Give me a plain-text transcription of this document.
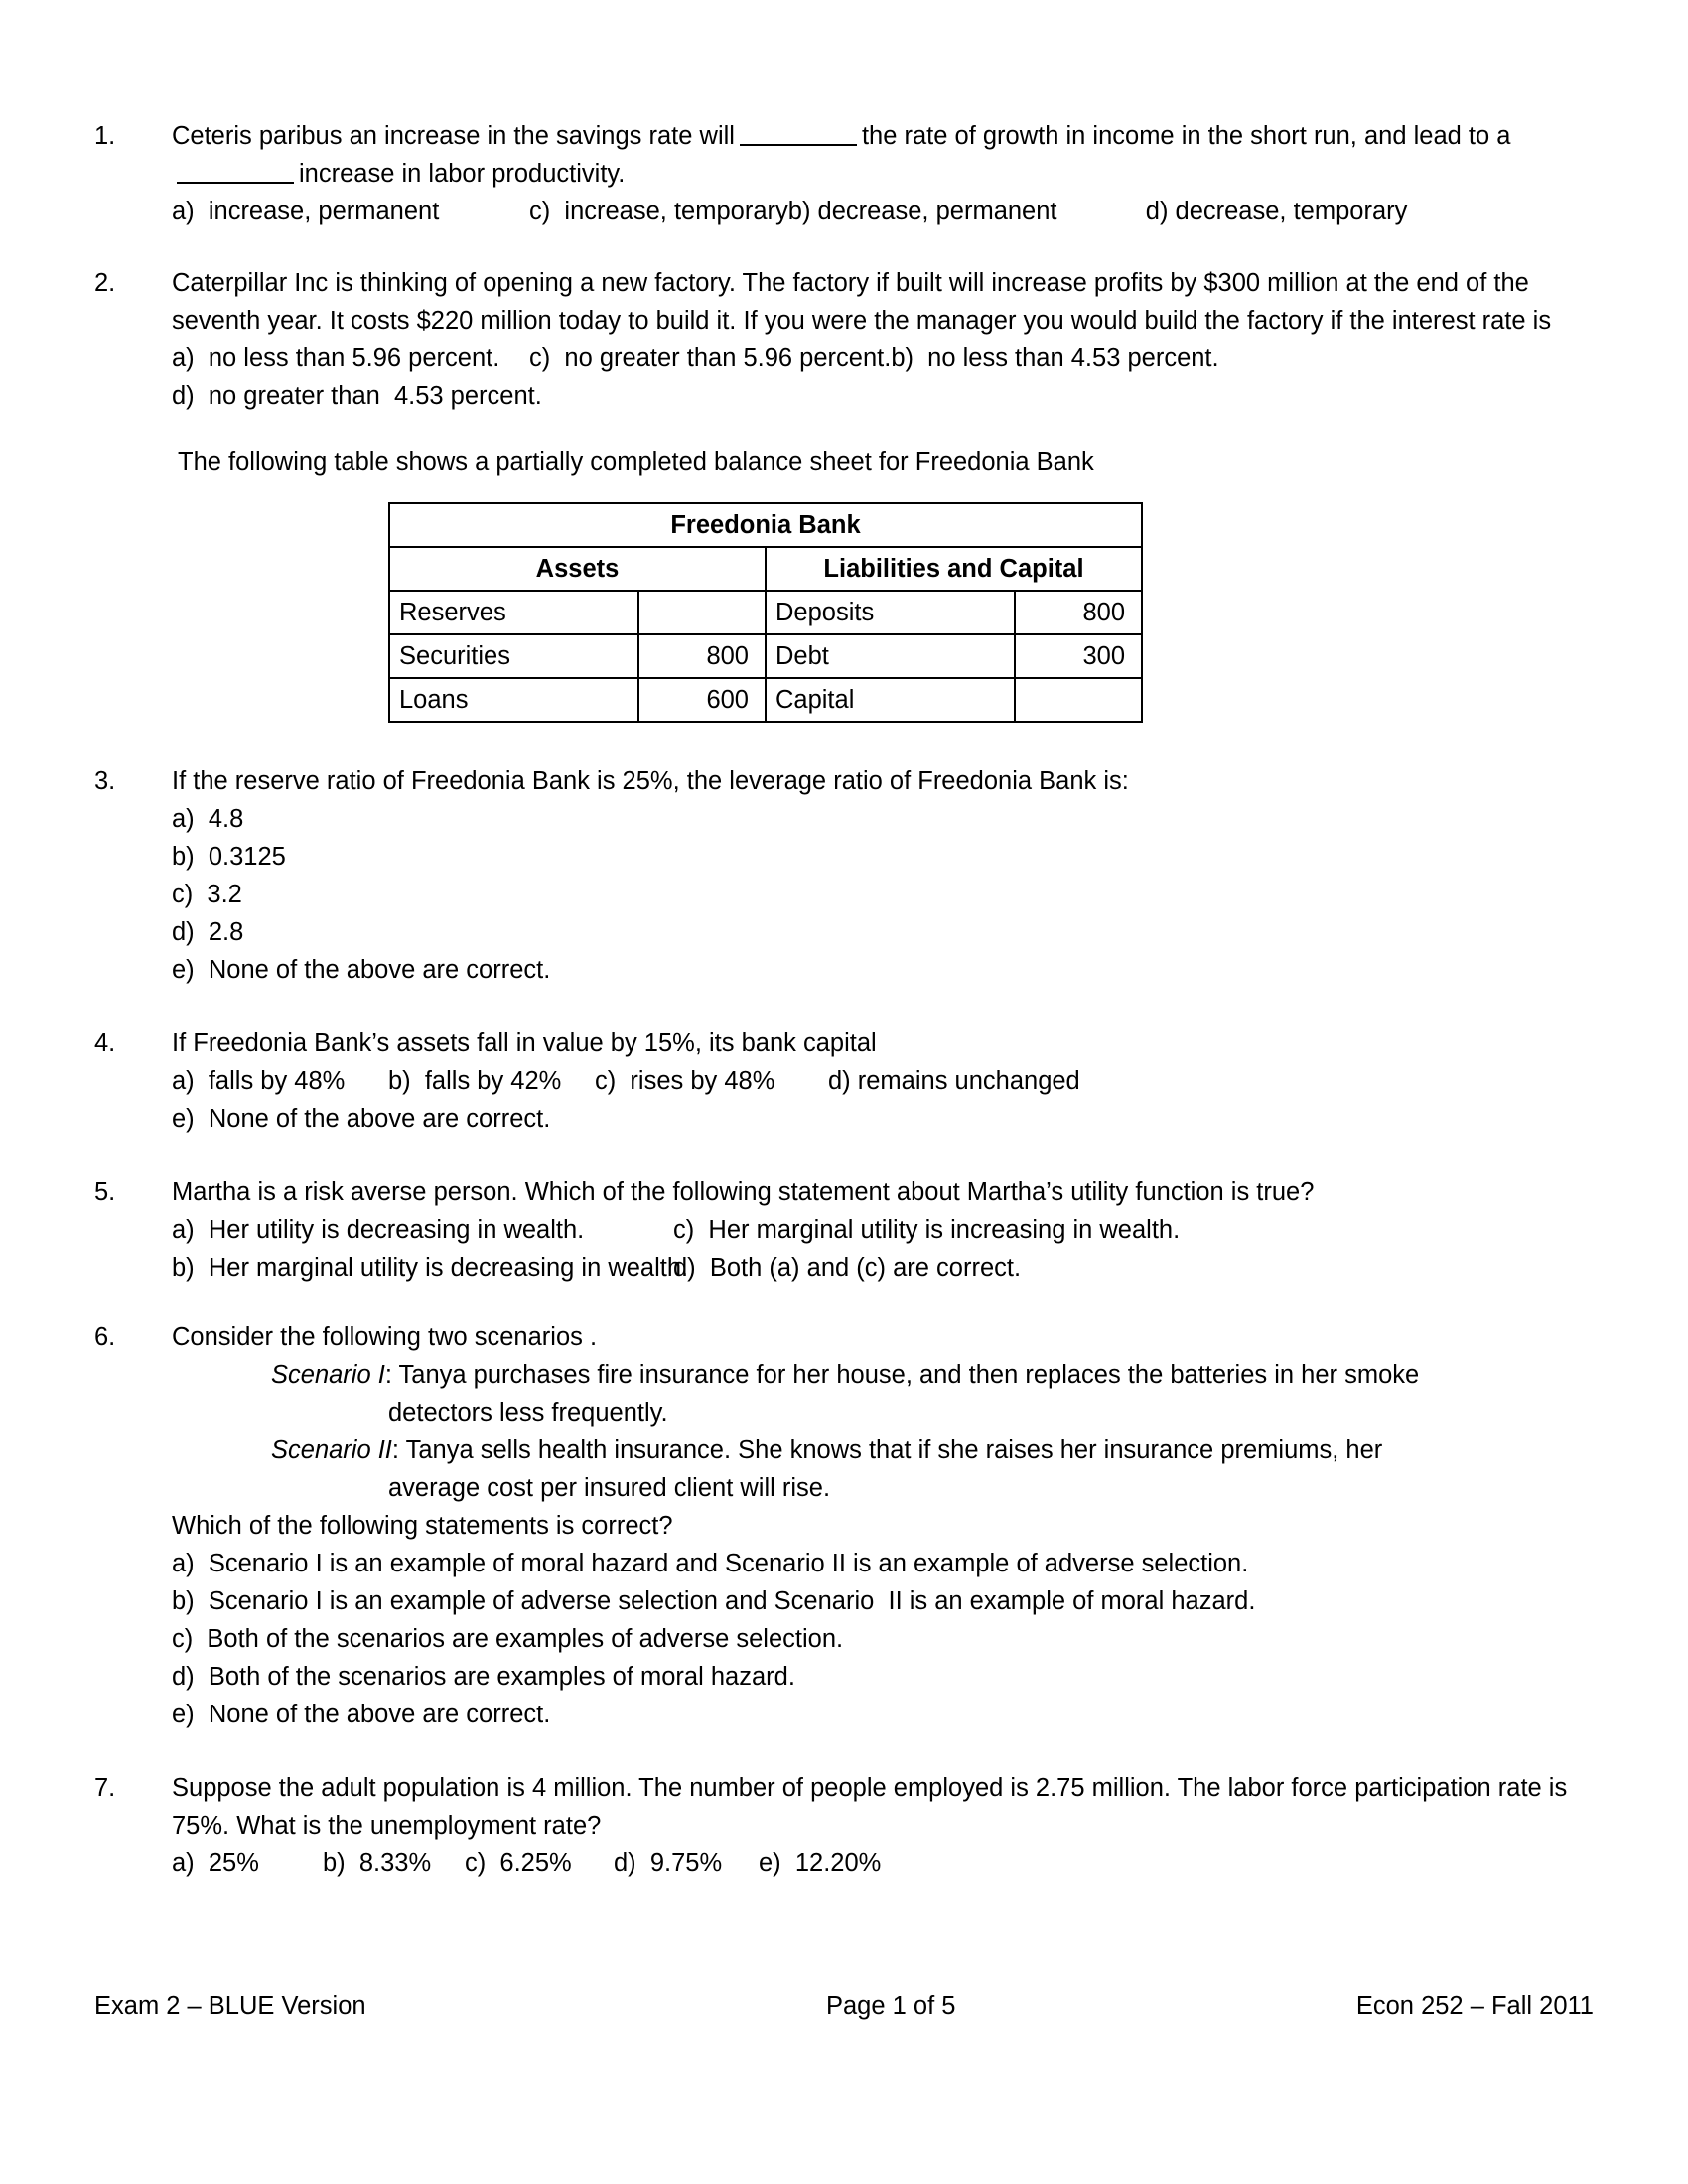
1.	Ceteris paribus an increase in the savings rate will	the rate of growth in income in the short run, and lead to aincrease in labor productivity.
a)  increase, permanent	c)  increase, temporary b) decrease, permanent	d) decrease, temporary
2.	Caterpillar Inc is thinking of opening a new factory. The factory if built will increase profits by $300 million at the end of the seventh year. It costs $220 million today to build it. If you were the manager you would build the factory if the interest rate is
a)  no less than 5.96 percent.	c)  no greater than 5.96 percent. b)  no less than 4.53 percent.
d)  no greater than  4.53 percent.
The following table shows a partially completed balance sheet for Freedonia Bank
Freedonia Bank			
Assets		Liabilities and Capital	
Reserves		Deposits	800
Securities	800	Debt	300
Loans	600	Capital	
3.	If the reserve ratio of Freedonia Bank is 25%, the leverage ratio of Freedonia Bank is:
a)  4.8
b)  0.3125
c)  3.2
d)  2.8
e)  None of the above are correct.
4.	If Freedonia Bank’s assets fall in value by 15%, its bank capital
a)  falls by 48%	b)  falls by 42%	c)  rises by 48%	d) remains unchanged
e)  None of the above are correct.
5.	Martha is a risk averse person. Which of the following statement about Martha’s utility function is true?
a)  Her utility is decreasing in wealth.	c)  Her marginal utility is increasing in wealth.
b)  Her marginal utility is decreasing in wealth.
d)  Both (a) and (c) are correct.
6.	Consider the following two scenarios .
Scenario I: Tanya purchases fire insurance for her house, and then replaces the batteries in her smoke
detectors less frequently.
Scenario II: Tanya sells health insurance. She knows that if she raises her insurance premiums, her
average cost per insured client will rise.
Which of the following statements is correct?
a)  Scenario I is an example of moral hazard and Scenario II is an example of adverse selection.
b)  Scenario I is an example of adverse selection and Scenario  II is an example of moral hazard.
c)  Both of the scenarios are examples of adverse selection.
d)  Both of the scenarios are examples of moral hazard.
e)  None of the above are correct.
7.	Suppose the adult population is 4 million. The number of people employed is 2.75 million. The labor force participation rate is 75%. What is the unemployment rate?
a)  25%	b)  8.33%	c)  6.25%	d)  9.75%	e)  12.20%
Exam 2 – BLUE Version	Page 1 of 5	Econ 252 – Fall 2011
